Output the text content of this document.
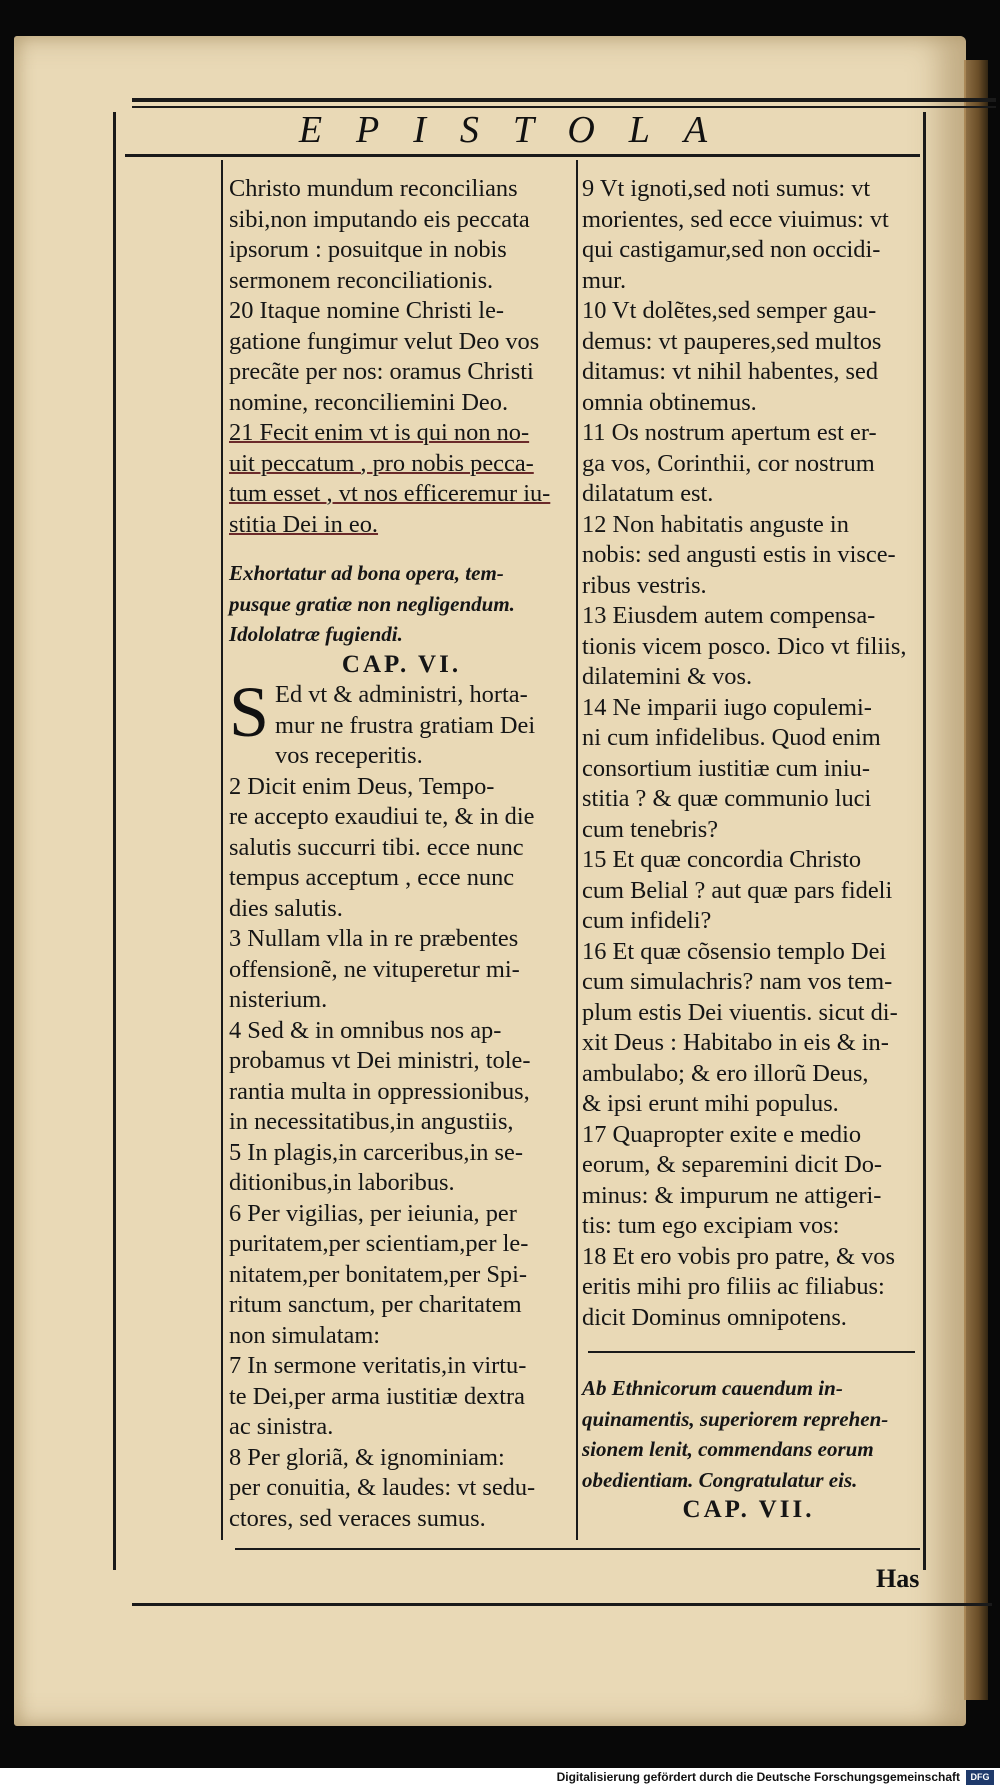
EPISTOLA
Christo mundum reconcilians
sibi,non imputando eis peccata
ipsorum : posuitque in nobis
sermonem reconciliationis.
20 Itaque nomine Christi le-
gatione fungimur velut Deo vos
precãte per nos: oramus Christi
nomine, reconciliemini Deo.
21 Fecit enim vt is qui non no-
uit peccatum , pro nobis pecca-
tum esset , vt nos efficeremur iu-
stitia Dei in eo.
Exhortatur ad bona opera, tem-
pusque gratiæ non negligendum.
Idololatræ fugiendi.
CAP. VI.
S Ed vt & administri, horta-
mur ne frustra gratiam Dei
vos receperitis.
2 Dicit enim Deus, Tempo-
re accepto exaudiui te, & in die
salutis succurri tibi. ecce nunc
tempus acceptum , ecce nunc
dies salutis.
3 Nullam vlla in re præbentes
offensionẽ, ne vituperetur mi-
nisterium.
4 Sed & in omnibus nos ap-
probamus vt Dei ministri, tole-
rantia multa in oppressionibus,
in necessitatibus,in angustiis,
5 In plagis,in carceribus,in se-
ditionibus,in laboribus.
6 Per vigilias, per ieiunia, per
puritatem,per scientiam,per le-
nitatem,per bonitatem,per Spi-
ritum sanctum, per charitatem
non simulatam:
7 In sermone veritatis,in virtu-
te Dei,per arma iustitiæ dextra
ac sinistra.
8 Per gloriã, & ignominiam:
per conuitia, & laudes: vt sedu-
ctores, sed veraces sumus.
9 Vt ignoti,sed noti sumus: vt
morientes, sed ecce viuimus: vt
qui castigamur,sed non occidi-
mur.
10 Vt dolẽtes,sed semper gau-
demus: vt pauperes,sed multos
ditamus: vt nihil habentes, sed
omnia obtinemus.
11 Os nostrum apertum est er-
ga vos, Corinthii, cor nostrum
dilatatum est.
12 Non habitatis anguste in
nobis: sed angusti estis in visce-
ribus vestris.
13 Eiusdem autem compensa-
tionis vicem posco. Dico vt filiis,
dilatemini & vos.
14 Ne imparii iugo copulemi-
ni cum infidelibus. Quod enim
consortium iustitiæ cum iniu-
stitia ? & quæ communio luci
cum tenebris?
15 Et quæ concordia Christo
cum Belial ? aut quæ pars fideli
cum infideli?
16 Et quæ cõsensio templo Dei
cum simulachris? nam vos tem-
plum estis Dei viuentis. sicut di-
xit Deus : Habitabo in eis & in-
ambulabo; & ero illorũ Deus,
& ipsi erunt mihi populus.
17 Quapropter exite e medio
eorum, & separemini dicit Do-
minus: & impurum ne attigeri-
tis: tum ego excipiam vos:
18 Et ero vobis pro patre, & vos
eritis mihi pro filiis ac filiabus:
dicit Dominus omnipotens.
Ab Ethnicorum cauendum in-
quinamentis, superiorem reprehen-
sionem lenit, commendans eorum
obedientiam. Congratulatur eis.
CAP. VII.
Has
Digitalisierung gefördert durch die Deutsche Forschungsgemeinschaft	DFG
